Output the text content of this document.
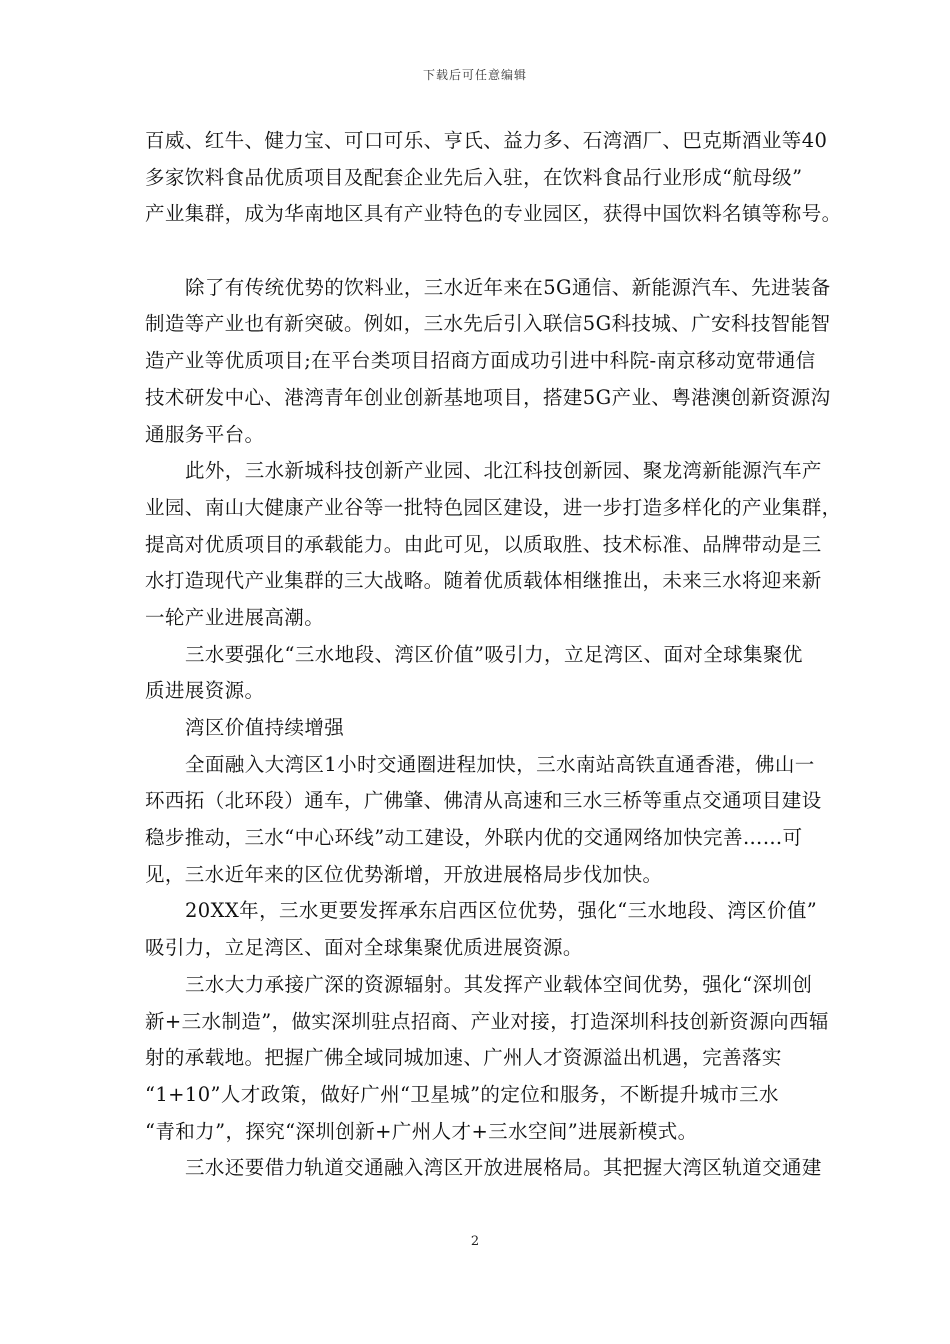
下载后可任意编辑
百威、红牛、健力宝、可口可乐、亨氏、益力多、石湾酒厂、巴克斯酒业等40
多家饮料食品优质项目及配套企业先后入驻，在饮料食品行业形成“航母级”
产业集群，成为华南地区具有产业特色的专业园区，获得中国饮料名镇等称号。
除了有传统优势的饮料业，三水近年来在5G通信、新能源汽车、先进装备
制造等产业也有新突破。例如，三水先后引入联信5G科技城、广安科技智能智
造产业等优质项目;在平台类项目招商方面成功引进中科院-南京移动宽带通信
技术研发中心、港湾青年创业创新基地项目，搭建5G产业、粤港澳创新资源沟
通服务平台。
此外，三水新城科技创新产业园、北江科技创新园、聚龙湾新能源汽车产
业园、南山大健康产业谷等一批特色园区建设，进一步打造多样化的产业集群，
提高对优质项目的承载能力。由此可见，以质取胜、技术标准、品牌带动是三
水打造现代产业集群的三大战略。随着优质载体相继推出，未来三水将迎来新
一轮产业进展高潮。
三水要强化“三水地段、湾区价值”吸引力，立足湾区、面对全球集聚优
质进展资源。
湾区价值持续增强
全面融入大湾区1小时交通圈进程加快，三水南站高铁直通香港，佛山一
环西拓（北环段）通车，广佛肇、佛清从高速和三水三桥等重点交通项目建设
稳步推动，三水“中心环线”动工建设，外联内优的交通网络加快完善……可
见，三水近年来的区位优势渐增，开放进展格局步伐加快。
20XX年，三水更要发挥承东启西区位优势，强化“三水地段、湾区价值”
吸引力，立足湾区、面对全球集聚优质进展资源。
三水大力承接广深的资源辐射。其发挥产业载体空间优势，强化“深圳创
新+三水制造”，做实深圳驻点招商、产业对接，打造深圳科技创新资源向西辐
射的承载地。把握广佛全域同城加速、广州人才资源溢出机遇，完善落实
“1+10”人才政策，做好广州“卫星城”的定位和服务，不断提升城市三水
“青和力”，探究“深圳创新+广州人才+三水空间”进展新模式。
三水还要借力轨道交通融入湾区开放进展格局。其把握大湾区轨道交通建
2
